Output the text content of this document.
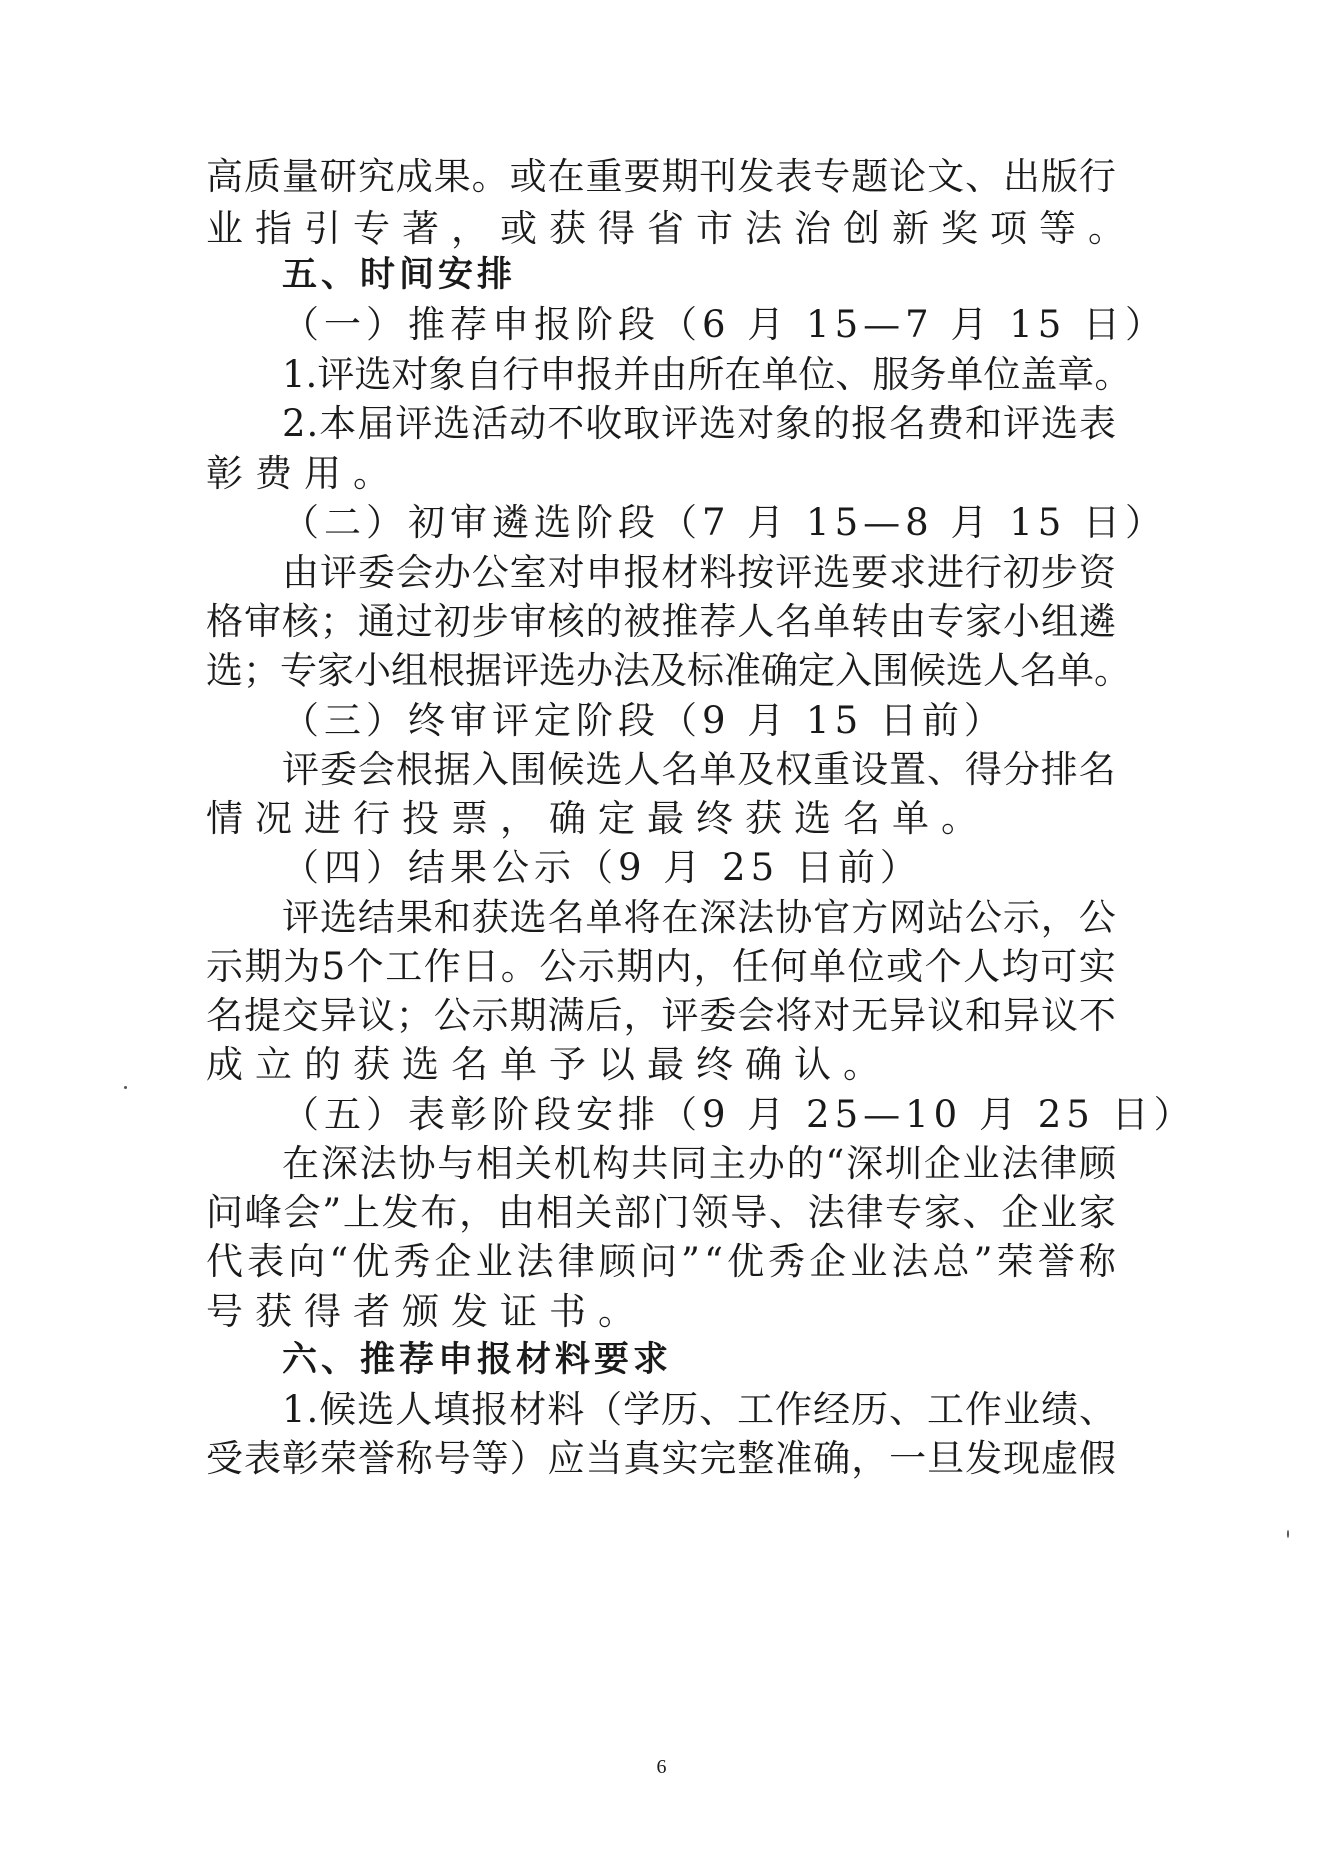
高 质 量 研 究 成 果 。 或 在 重 要 期 刊 发 表 专 题 论 文 、 出 版 行
业指引专著，或获得省市法治创新奖项等。
五、时间安排
（一）推荐申报阶段（6 月 15—7 月 15 日）
1 . 评 选 对 象 自 行 申 报 并 由 所 在 单 位 、 服 务 单 位 盖 章 。
2 . 本 届 评 选 活 动 不 收 取 评 选 对 象 的 报 名 费 和 评 选 表
彰费用。
（二）初审遴选阶段（7 月 15—8 月 15 日）
由 评 委 会 办 公 室 对 申 报 材 料 按 评 选 要 求 进 行 初 步 资
格 审 核 ； 通 过 初 步 审 核 的 被 推 荐 人 名 单 转 由 专 家 小 组 遴
选 ； 专 家 小 组 根 据 评 选 办 法 及 标 准 确 定 入 围 候 选 人 名 单 。
（三）终审评定阶段（9 月 15 日前）
评 委 会 根 据 入 围 候 选 人 名 单 及 权 重 设 置 、 得 分 排 名
情况进行投票，确定最终获选名单。
（四）结果公示（9 月 25 日前）
评 选 结 果 和 获 选 名 单 将 在 深 法 协 官 方 网 站 公 示 ， 公
示 期 为 5 个 工 作 日 。 公 示 期 内 ， 任 何 单 位 或 个 人 均 可 实
名 提 交 异 议 ； 公 示 期 满 后 ， 评 委 会 将 对 无 异 议 和 异 议 不
成立的获选名单予以最终确认。
（五）表彰阶段安排（9 月 25—10 月 25 日）
在 深 法 协 与 相 关 机 构 共 同 主 办 的 “ 深 圳 企 业 法 律 顾
问 峰 会 ” 上 发 布 ， 由 相 关 部 门 领 导 、 法 律 专 家 、 企 业 家
代 表 向 “ 优 秀 企 业 法 律 顾 问 ” “ 优 秀 企 业 法 总 ” 荣 誉 称
号获得者颁发证书。
六、推荐申报材料要求
1 . 候 选 人 填 报 材 料 （ 学 历 、 工 作 经 历 、 工 作 业 绩 、
受 表 彰 荣 誉 称 号 等 ） 应 当 真 实 完 整 准 确 ， 一 旦 发 现 虚 假
6
